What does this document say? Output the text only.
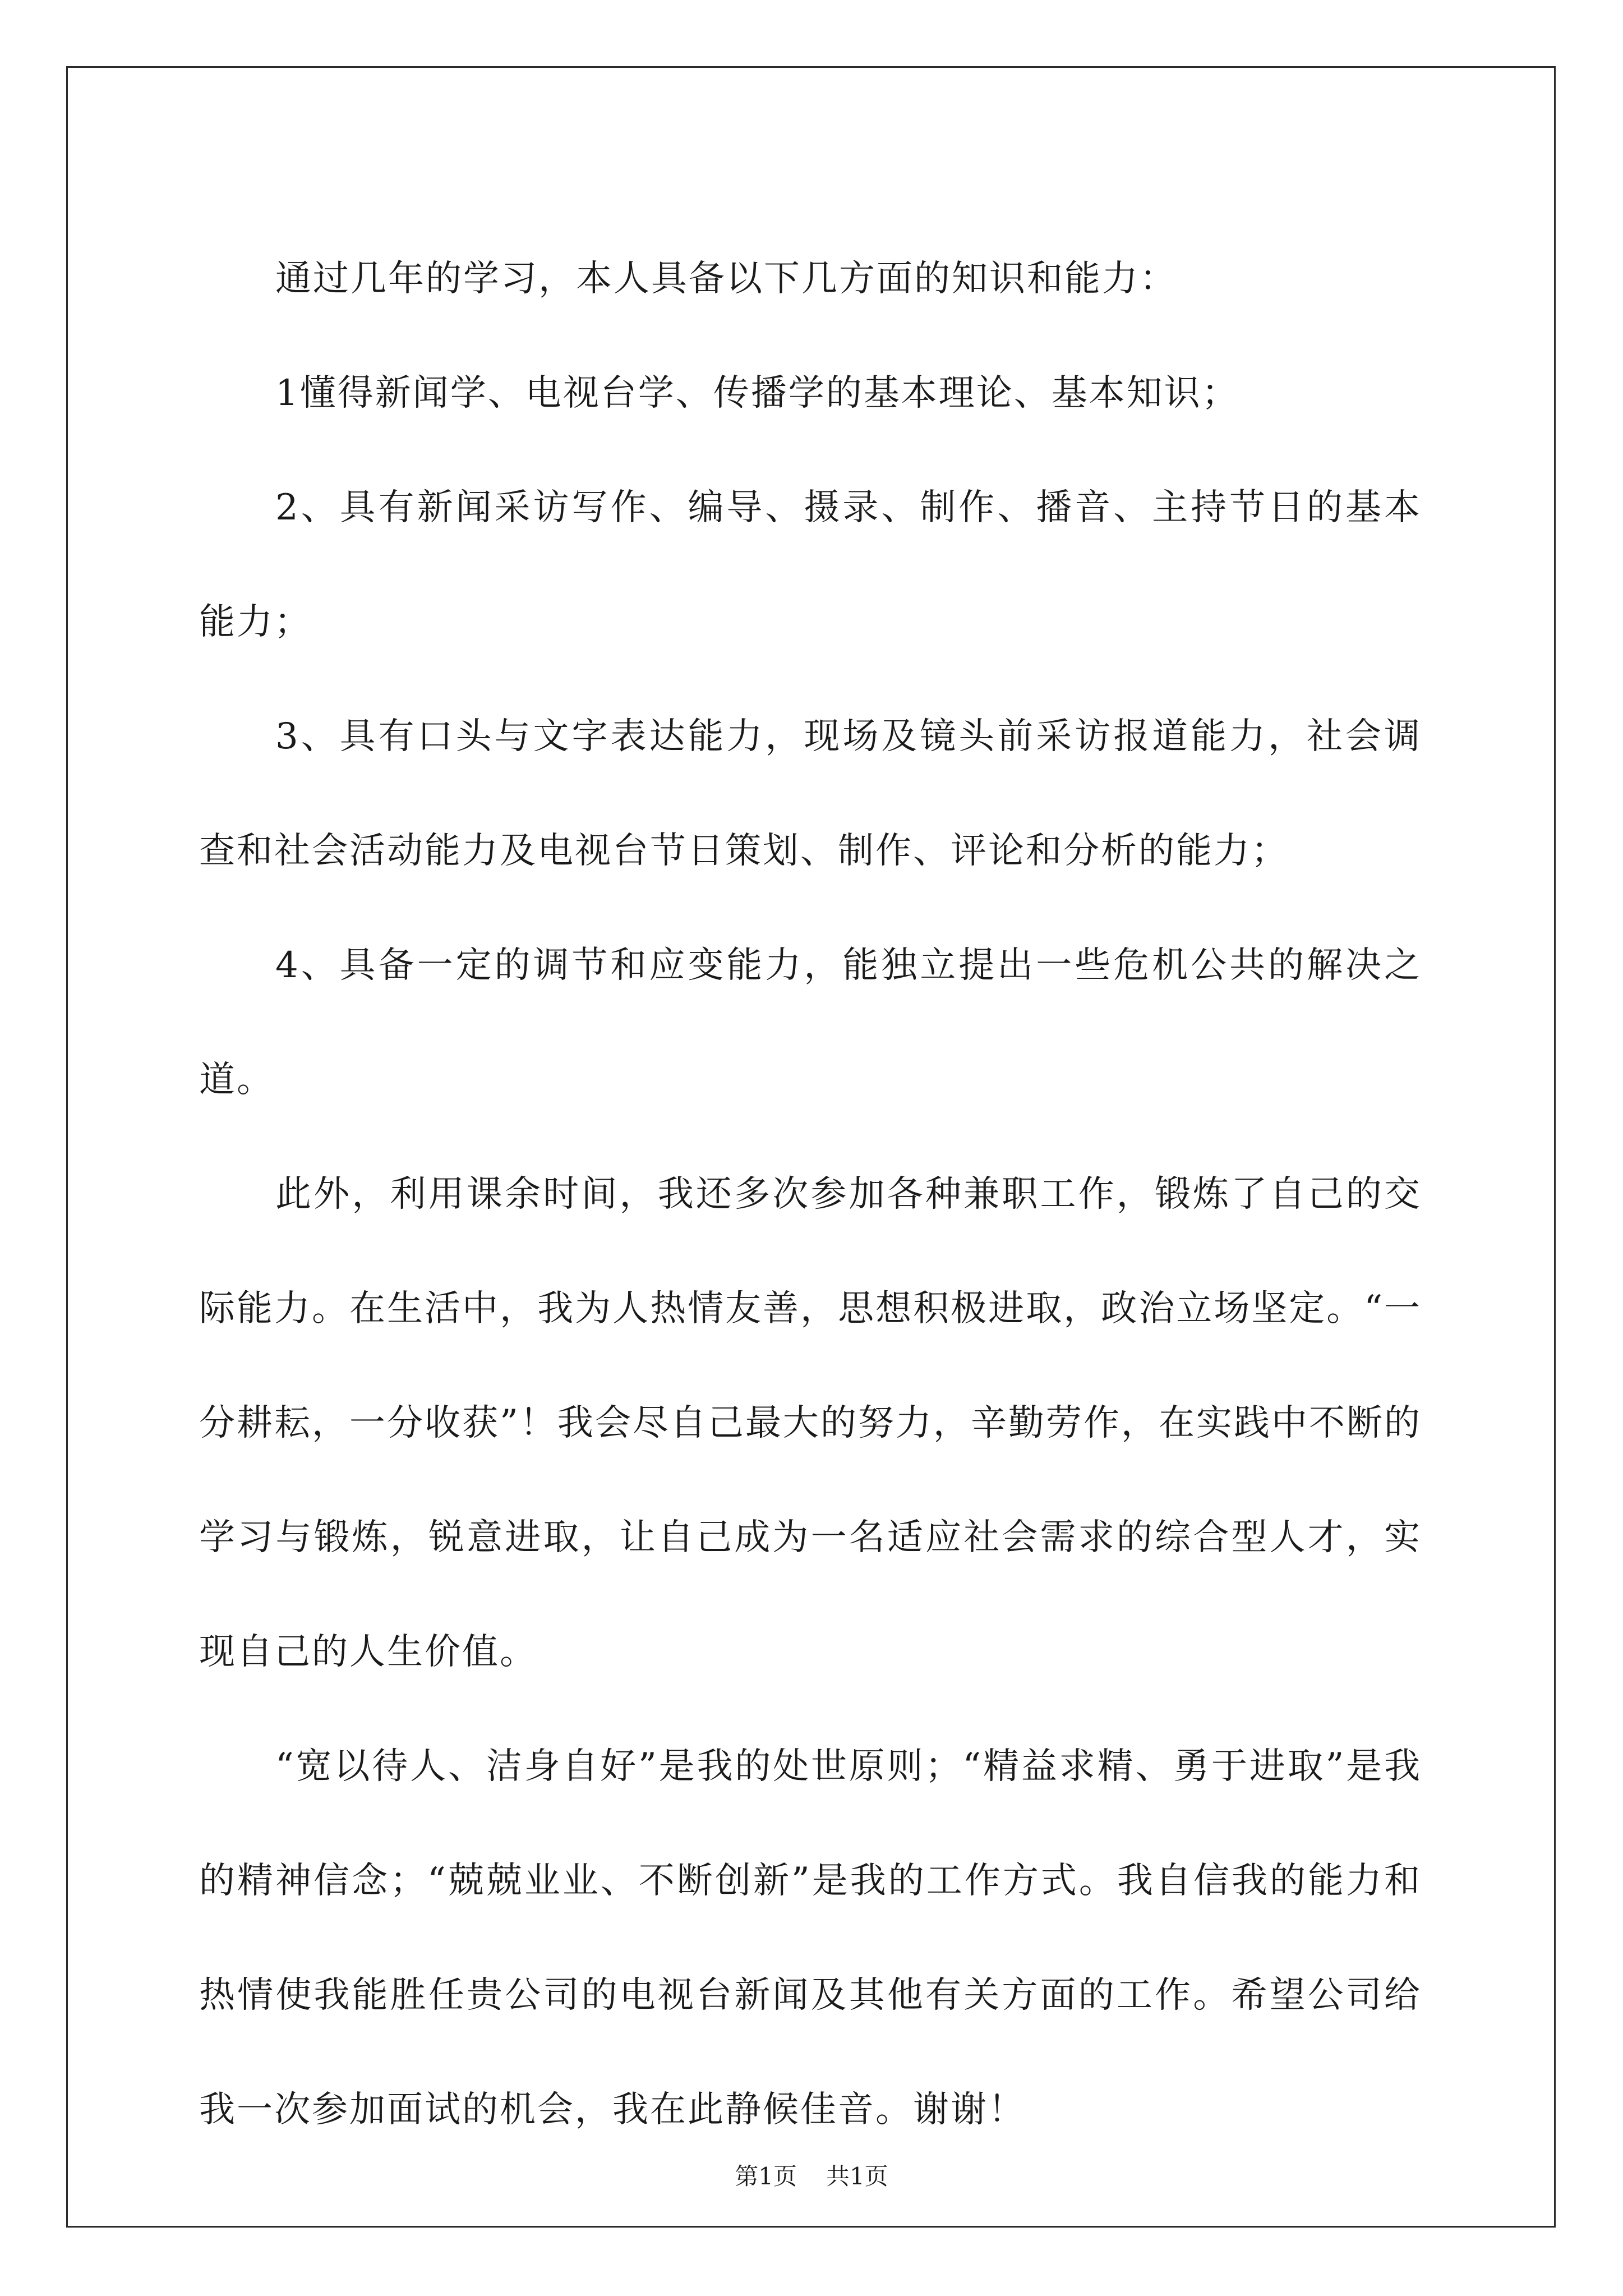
通过几年的学习，本人具备以下几方面的知识和能力：

1懂得新闻学、电视台学、传播学的基本理论、基本知识；

2、具有新闻采访写作、编导、摄录、制作、播音、主持节日的基本能力；

3、具有口头与文字表达能力，现场及镜头前采访报道能力，社会调查和社会活动能力及电视台节日策划、制作、评论和分析的能力；

4、具备一定的调节和应变能力，能独立提出一些危机公共的解决之道。

此外，利用课余时间，我还多次参加各种兼职工作，锻炼了自己的交际能力。在生活中，我为人热情友善，思想积极进取，政治立场坚定。“一分耕耘，一分收获”！我会尽自己最大的努力，辛勤劳作，在实践中不断的学习与锻炼，锐意进取，让自己成为一名适应社会需求的综合型人才，实现自己的人生价值。

“宽以待人、洁身自好”是我的处世原则；“精益求精、勇于进取”是我的精神信念；“兢兢业业、不断创新”是我的工作方式。我自信我的能力和热情使我能胜任贵公司的电视台新闻及其他有关方面的工作。希望公司给我一次参加面试的机会，我在此静候佳音。谢谢！

第1页 共1页
